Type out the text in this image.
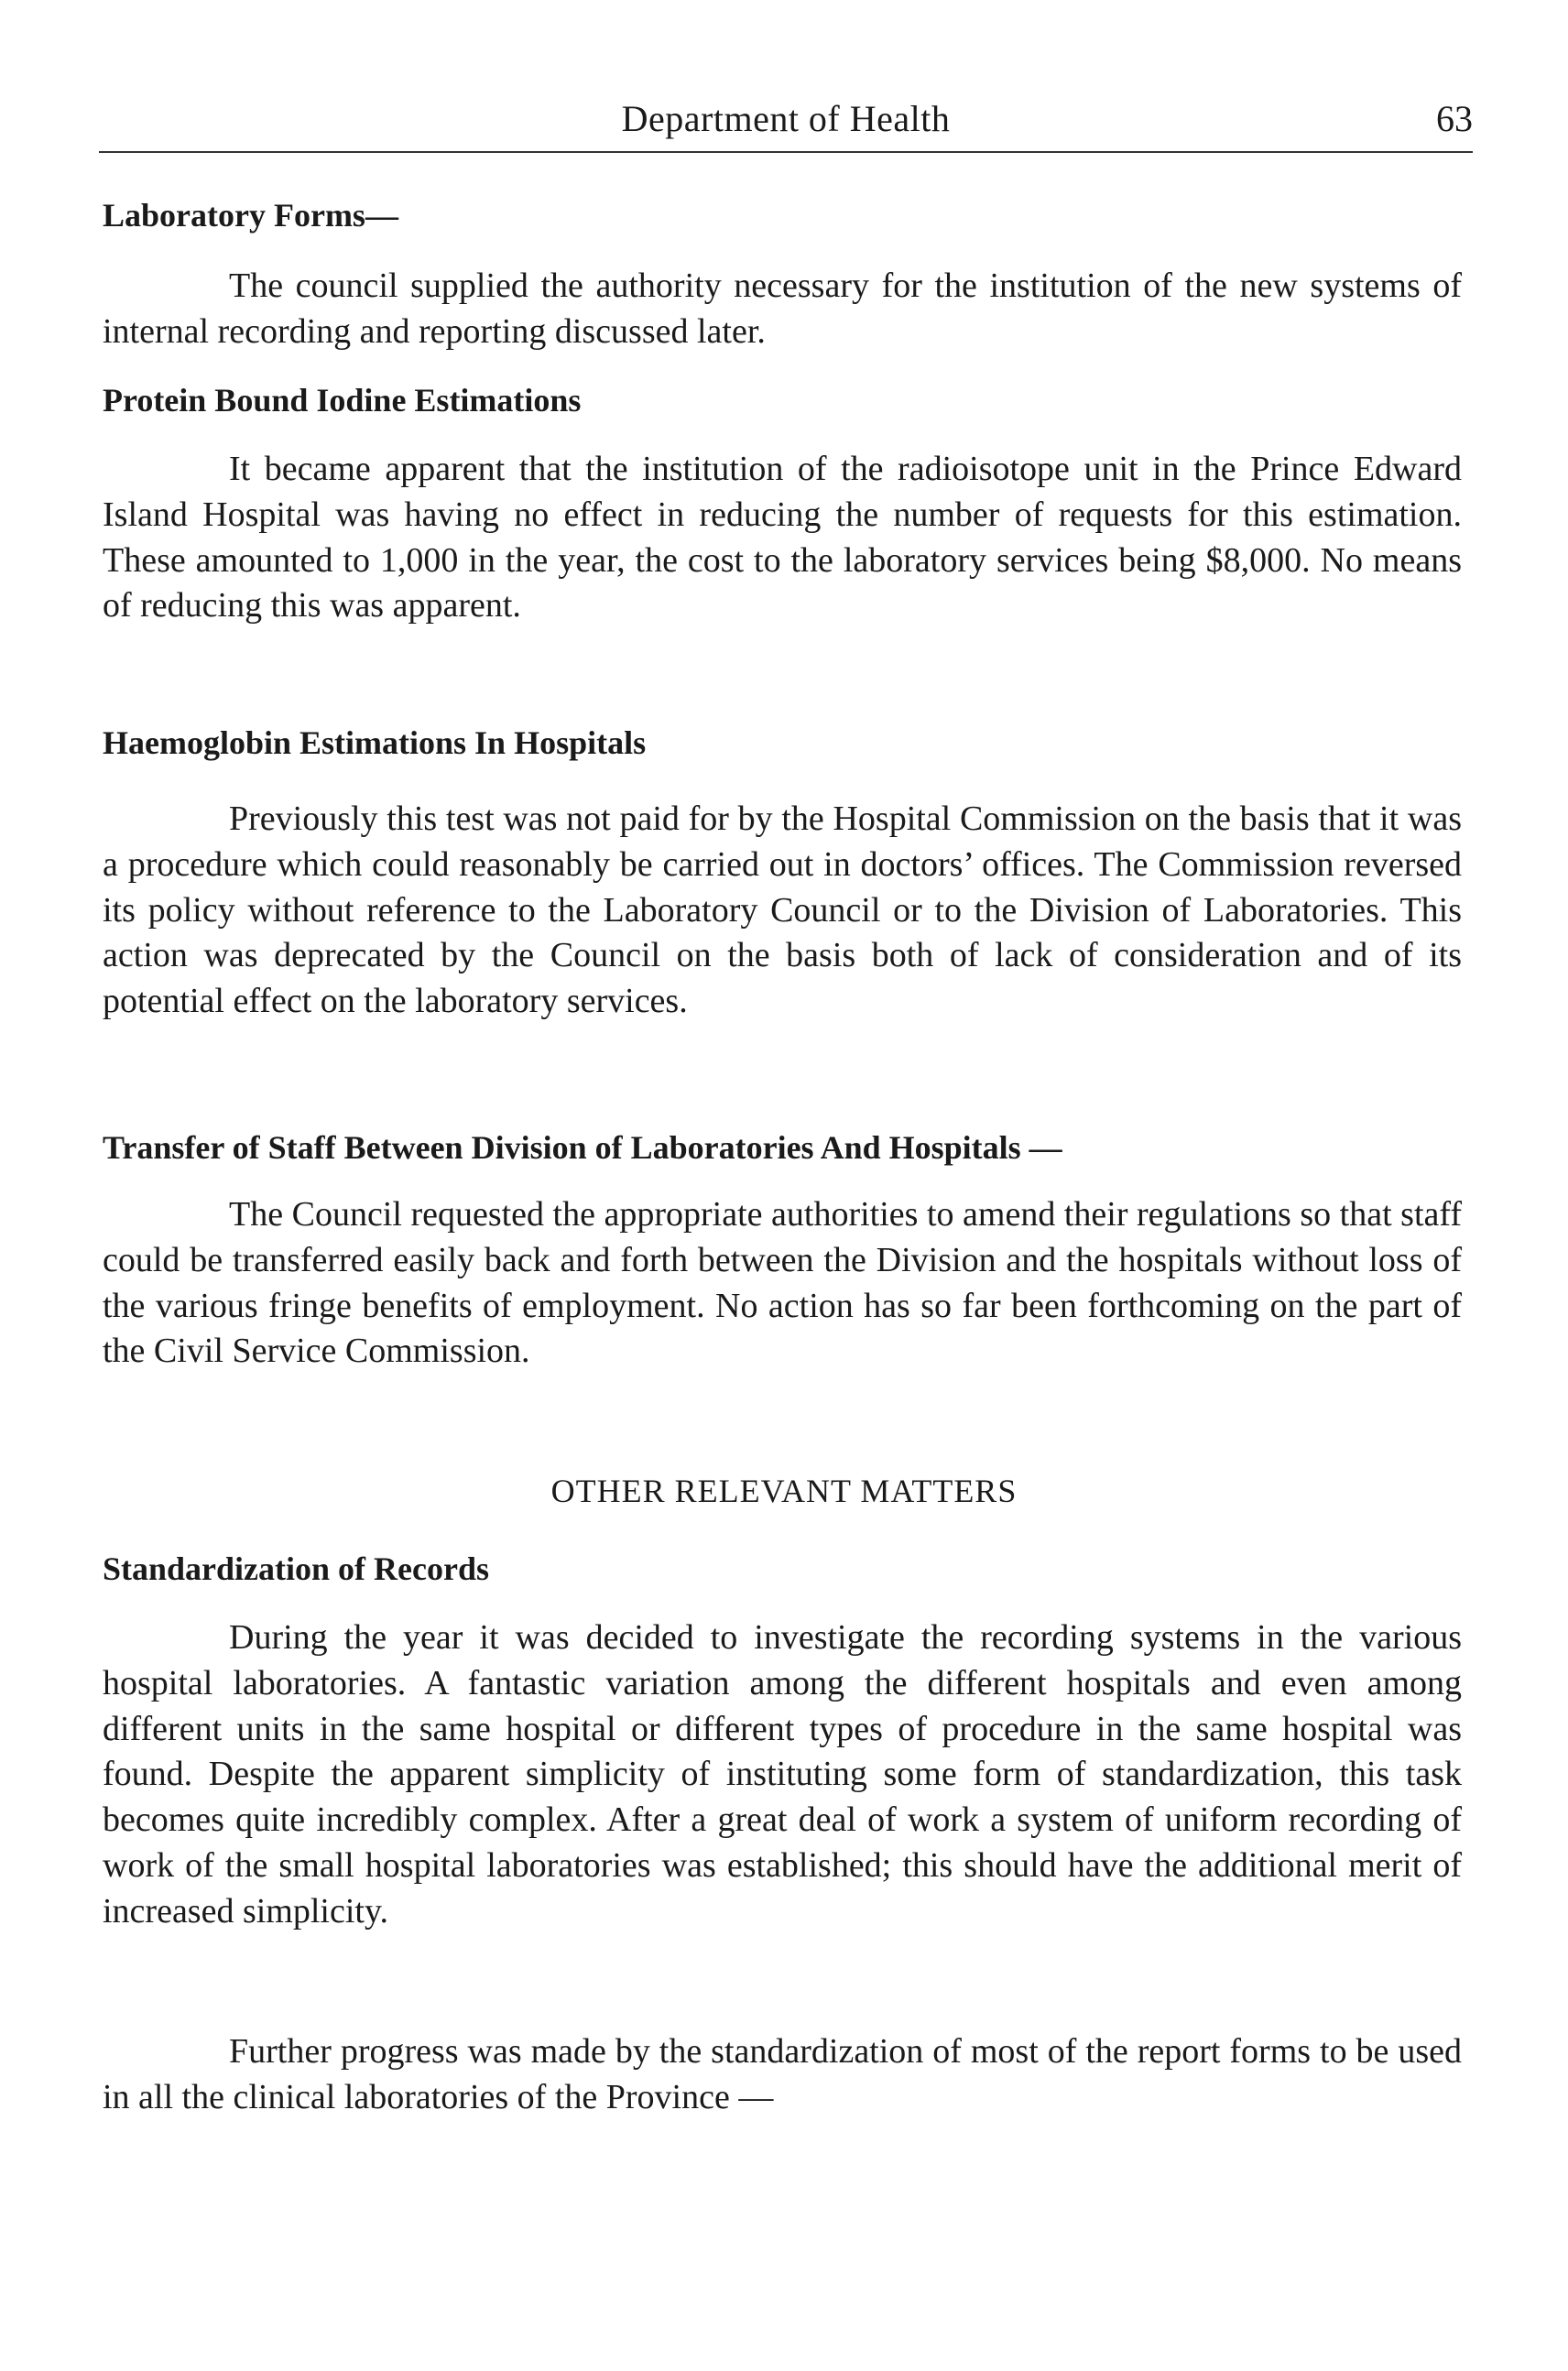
Department of Health	63
Laboratory Forms—

The council supplied the authority necessary for the institution of the new systems of internal recording and reporting discussed later.

Protein Bound Iodine Estimations

It became apparent that the institution of the radioisotope unit in the Prince Edward Island Hospital was having no effect in reducing the number of requests for this estimation. These amounted to 1,000 in the year, the cost to the laboratory services being $8,000. No means of reducing this was apparent.

Haemoglobin Estimations In Hospitals

Previously this test was not paid for by the Hospital Commission on the basis that it was a procedure which could reasonably be carried out in doctors’ offices. The Commission reversed its policy without reference to the Laboratory Council or to the Division of Laboratories. This action was deprecated by the Council on the basis both of lack of consideration and of its potential effect on the laboratory services.

Transfer of Staff Between Division of Laboratories And Hospitals —

The Council requested the appropriate authorities to amend their regulations so that staff could be transferred easily back and forth between the Division and the hospitals without loss of the various fringe benefits of employment. No action has so far been forthcoming on the part of the Civil Service Commission.

OTHER RELEVANT MATTERS
Standardization of Records

During the year it was decided to investigate the recording systems in the various hospital laboratories. A fantastic variation among the different hospitals and even among different units in the same hospital or different types of procedure in the same hospital was found. Despite the apparent simplicity of instituting some form of standardization, this task becomes quite incredibly complex. After a great deal of work a system of uniform recording of work of the small hospital laboratories was established; this should have the additional merit of increased simplicity.

Further progress was made by the standardization of most of the report forms to be used in all the clinical laboratories of the Province —
